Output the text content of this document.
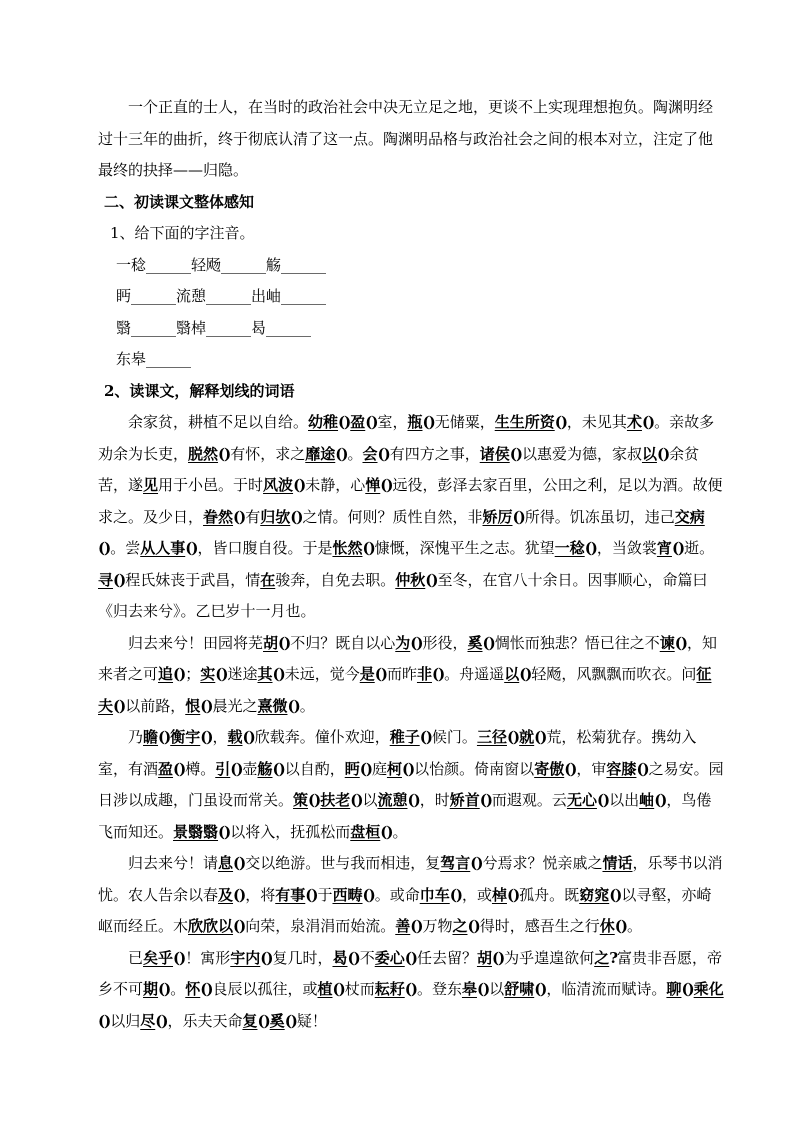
一个正直的士人，在当时的政治社会中决无立足之地，更谈不上实现理想抱负。陶渊明经过十三年的曲折，终于彻底认清了这一点。陶渊明品格与政治社会之间的根本对立，注定了他最终的抉择——归隐。

二、初读课文整体感知

1、给下面的字注音。

一稔______轻飏______觞______

眄______流憩______出岫______

翳______翳棹______曷______

东皋______

2、读课文，解释划线的词语

余家贫，耕植不足以自给。幼稚()盈()室，瓶()无储粟，生生所资()，未见其术()。亲故多劝余为长吏，脱然()有怀，求之靡途()。会()有四方之事，诸侯()以惠爱为德，家叔以()余贫苦，遂见用于小邑。于时风波()未静，心惮()远役，彭泽去家百里，公田之利，足以为酒。故便求之。及少日，眷然()有归欤()之情。何则？质性自然，非矫厉()所得。饥冻虽切，违己交病()。尝从人事()，皆口腹自役。于是怅然()慷慨，深愧平生之志。犹望一稔()，当敛裳宵()逝。寻()程氏妹丧于武昌，情在骏奔，自免去职。仲秋()至冬，在官八十余日。因事顺心，命篇曰《归去来兮》。乙巳岁十一月也。

归去来兮！田园将芜胡()不归？既自以心为()形役，奚()惆怅而独悲？悟已往之不谏()，知来者之可追()；实()迷途其()未远，觉今是()而昨非()。舟遥遥以()轻飏，风飘飘而吹衣。问征夫()以前路，恨()晨光之熹微()。

乃瞻()衡宇()，载()欣载奔。僮仆欢迎，稚子()候门。三径()就()荒，松菊犹存。携幼入室，有酒盈()樽。引()壶觞()以自酌，眄()庭柯()以怡颜。倚南窗以寄傲()，审容膝()之易安。园日涉以成趣，门虽设而常关。策()扶老()以流憩()，时矫首()而遐观。云无心()以出岫()，鸟倦飞而知还。景翳翳()以将入，抚孤松而盘桓()。

归去来兮！请息()交以绝游。世与我而相违，复驾言()兮焉求？悦亲戚之情话，乐琴书以消忧。农人告余以春及()，将有事()于西畴()。或命巾车()，或棹()孤舟。既窈窕()以寻壑，亦崎岖而经丘。木欣欣以()向荣，泉涓涓而始流。善()万物之()得时，感吾生之行休()。

已矣乎()！寓形宇内()复几时，曷()不委心()任去留？胡()为乎遑遑欲何之?富贵非吾愿，帝乡不可期()。怀()良辰以孤往，或植()杖而耘耔()。登东皋()以舒啸()，临清流而赋诗。聊()乘化()以归尽()，乐夫天命复()奚()疑！
